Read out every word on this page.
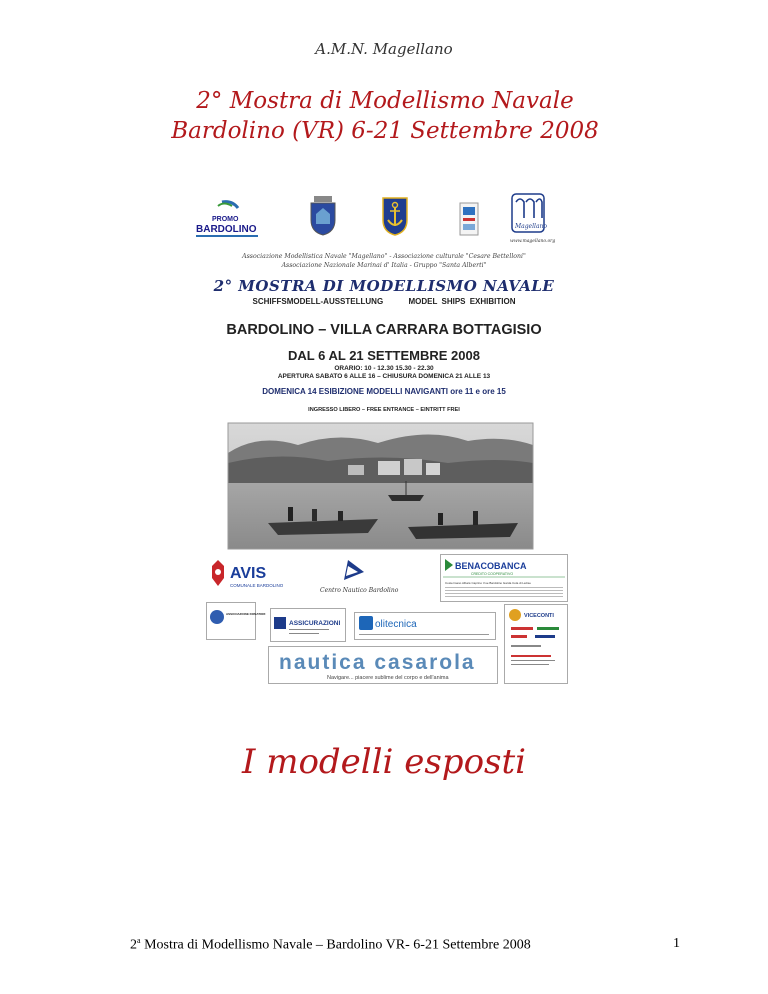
A.M.N. Magellano
2° Mostra di Modellismo Navale
Bardolino (VR) 6-21 Settembre 2008
PROMO
BARDOLINO	Magellano
www.magellano.org
Associazione Modellistica Navale "Magellano" - Associazione culturale "Cesare Bettelloni"
Associazione Nazionale Marinai d' Italia - Gruppo "Santa Alberti"
2° MOSTRA DI MODELLISMO NAVALE
SCHIFFSMODELL-AUSSTELLUNG	MODEL SHIPS EXHIBITION
BARDOLINO – VILLA CARRARA BOTTAGISIO
DAL 6 AL 21 SETTEMBRE 2008
ORARIO: 10 - 12.30 15.30 - 22.30
APERTURA SABATO 6 ALLE 16 – CHIUSURA DOMENICA 21 ALLE 13
DOMENICA 14 ESIBIZIONE MODELLI NAVIGANTI ore 11 e ore 15
INGRESSO LIBERO – FREE ENTRANCE – EINTRITT FREI
AVIS
COMUNALE BARDOLINO
Centro Nautico Bardolino
BENACOBANCA
CREDITO COOPERATIVO
Costermano Albarè Caprino V.se Bardolino Garda Cola di Lazise
ASSOCIAZIONE DONATORI
ASSICURAZIONI	olitecnica
VICECONTI
nautica casarola
Navigare... piacere sublime del corpo e dell'anima
I modelli esposti
2$^a$ Mostra di Modellismo Navale – Bardolino VR- 6-21 Settembre 2008	1
